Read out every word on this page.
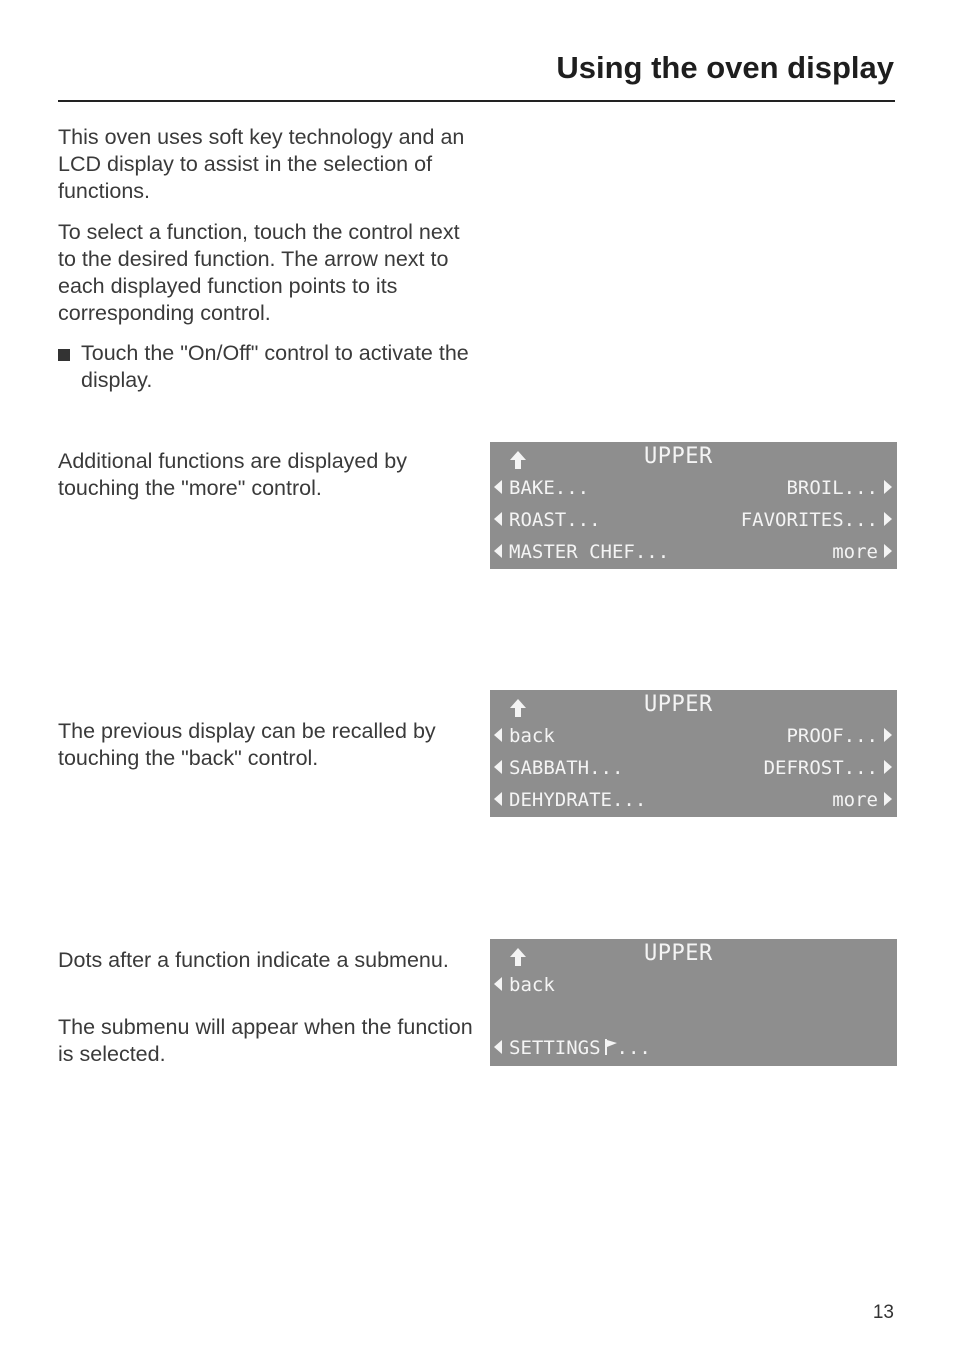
Using the oven display

This oven uses soft key technology and an LCD display to assist in the selection of functions.

To select a function, touch the control next to the desired function. The arrow next to each displayed function points to its corresponding control.

Touch the "On/Off" control to activate the display.

Additional functions are displayed by touching the "more" control.

UPPER
BAKE...	BROIL...
ROAST...	FAVORITES...
MASTER CHEF...	more

The previous display can be recalled by touching the "back" control.

UPPER
back	PROOF...
SABBATH...	DEFROST...
DEHYDRATE...	more

Dots after a function indicate a submenu.

The submenu will appear when the function is selected.

UPPER
back
SETTINGS ...
13
